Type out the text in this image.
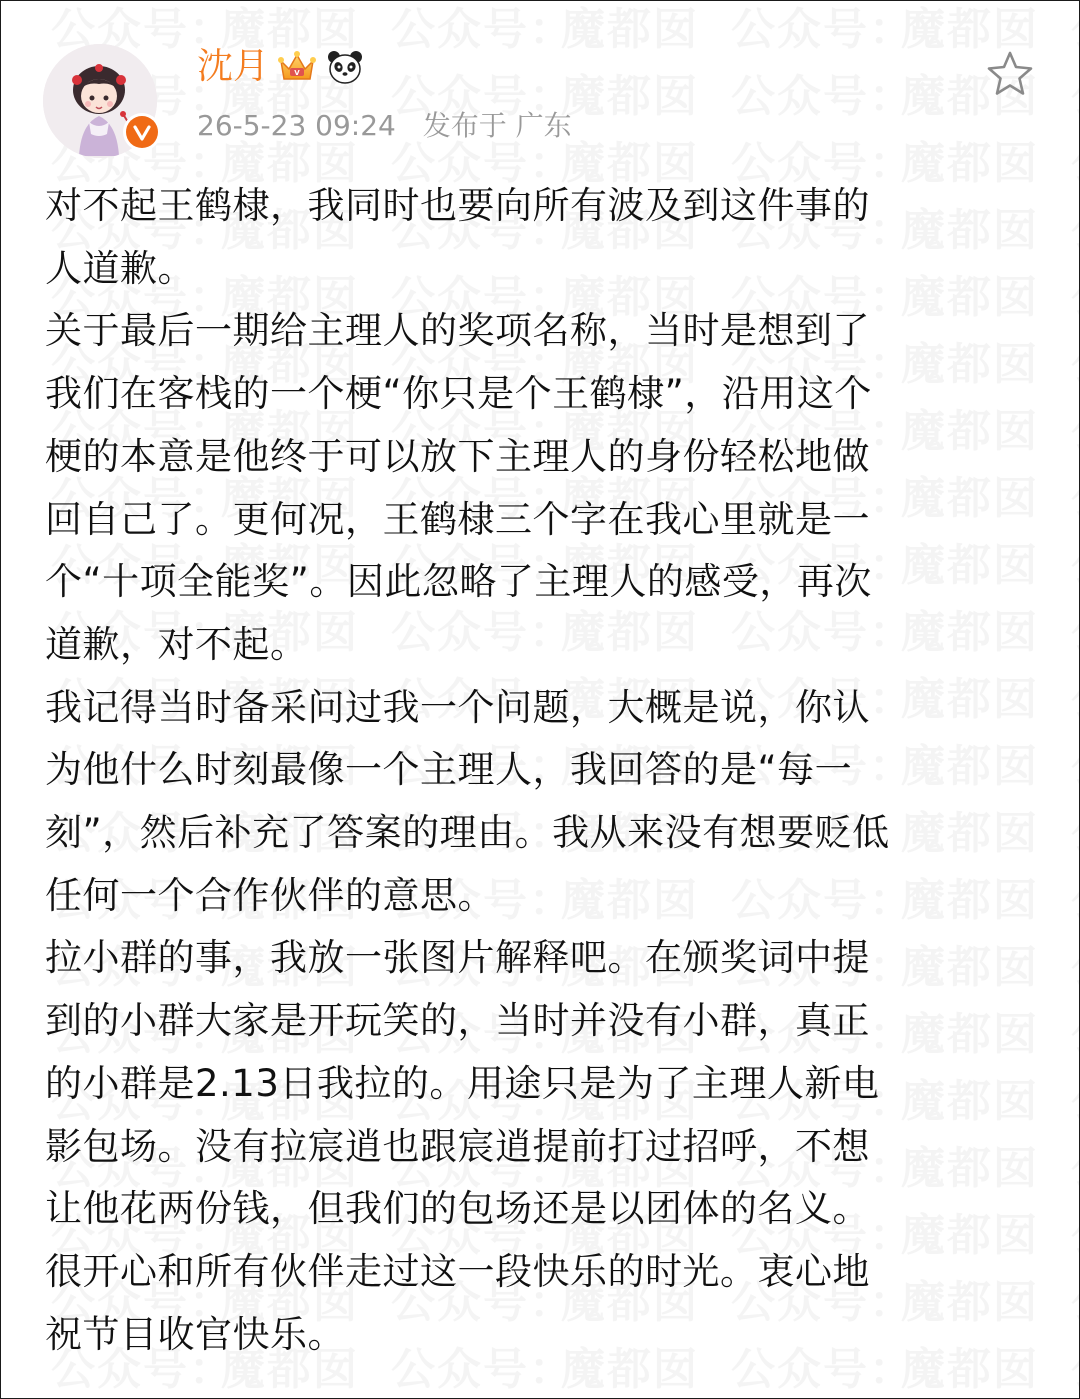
沈月	V
26-5-23 09:24 发布于 广东
对不起王鹤棣，我同时也要向所有波及到这件事的
人道歉。
关于最后一期给主理人的奖项名称，当时是想到了
我们在客栈的一个梗“你只是个王鹤棣”，沿用这个
梗的本意是他终于可以放下主理人的身份轻松地做
回自己了。更何况，王鹤棣三个字在我心里就是一
个“十项全能奖”。因此忽略了主理人的感受，再次
道歉，对不起。
我记得当时备采问过我一个问题，大概是说，你认
为他什么时刻最像一个主理人，我回答的是“每一
刻”，然后补充了答案的理由。我从来没有想要贬低
任何一个合作伙伴的意思。
拉小群的事，我放一张图片解释吧。在颁奖词中提
到的小群大家是开玩笑的，当时并没有小群，真正
的小群是2.13日我拉的。用途只是为了主理人新电
影包场。没有拉宸逍也跟宸逍提前打过招呼，不想
让他花两份钱，但我们的包场还是以团体的名义。
很开心和所有伙伴走过这一段快乐的时光。衷心地
祝节目收官快乐。
